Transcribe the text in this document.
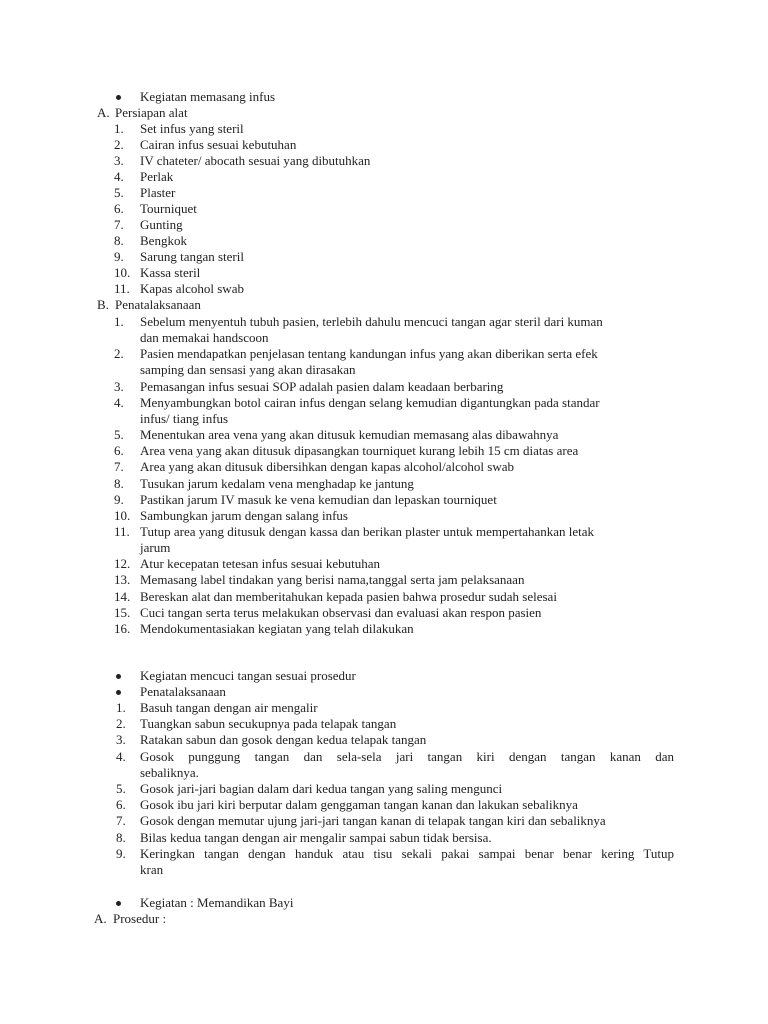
Kegiatan memasang infus
A. Persiapan alat
1. Set infus yang steril
2. Cairan infus sesuai kebutuhan
3. IV chateter/ abocath sesuai yang dibutuhkan
4. Perlak
5. Plaster
6. Tourniquet
7. Gunting
8. Bengkok
9. Sarung tangan steril
10. Kassa steril
11. Kapas alcohol swab
B. Penatalaksanaan
1. Sebelum menyentuh tubuh pasien, terlebih dahulu mencuci tangan agar steril dari kuman
dan memakai handscoon
2. Pasien mendapatkan penjelasan tentang kandungan infus yang akan diberikan serta efek
samping dan sensasi yang akan dirasakan
3. Pemasangan infus sesuai SOP adalah pasien dalam keadaan berbaring
4. Menyambungkan botol cairan infus dengan selang kemudian digantungkan pada standar
infus/ tiang infus
5. Menentukan area vena yang akan ditusuk kemudian memasang alas dibawahnya
6. Area vena yang akan ditusuk dipasangkan tourniquet kurang lebih 15 cm diatas area
7. Area yang akan ditusuk dibersihkan dengan kapas alcohol/alcohol swab
8. Tusukan jarum kedalam vena menghadap ke jantung
9. Pastikan jarum IV masuk ke vena kemudian dan lepaskan tourniquet
10. Sambungkan jarum dengan salang infus
11. Tutup area yang ditusuk dengan kassa dan berikan plaster untuk mempertahankan letak
jarum
12. Atur kecepatan tetesan infus sesuai kebutuhan
13. Memasang label tindakan yang berisi nama,tanggal serta jam pelaksanaan
14. Bereskan alat dan memberitahukan kepada pasien bahwa prosedur sudah selesai
15. Cuci tangan serta terus melakukan observasi dan evaluasi akan respon pasien
16. Mendokumentasiakan kegiatan yang telah dilakukan
Kegiatan mencuci tangan sesuai prosedur
Penatalaksanaan
1. Basuh tangan dengan air mengalir
2. Tuangkan sabun secukupnya pada telapak tangan
3. Ratakan sabun dan gosok dengan kedua telapak tangan
4. Gosok punggung tangan dan sela-sela jari tangan kiri dengan tangan kanan dan
sebaliknya.
5. Gosok jari-jari bagian dalam dari kedua tangan yang saling mengunci
6. Gosok ibu jari kiri berputar dalam genggaman tangan kanan dan lakukan sebaliknya
7. Gosok dengan memutar ujung jari-jari tangan kanan di telapak tangan kiri dan sebaliknya
8. Bilas kedua tangan dengan air mengalir sampai sabun tidak bersisa.
9. Keringkan tangan dengan handuk atau tisu sekali pakai sampai benar benar kering Tutup
kran
Kegiatan : Memandikan Bayi
A. Prosedur :
